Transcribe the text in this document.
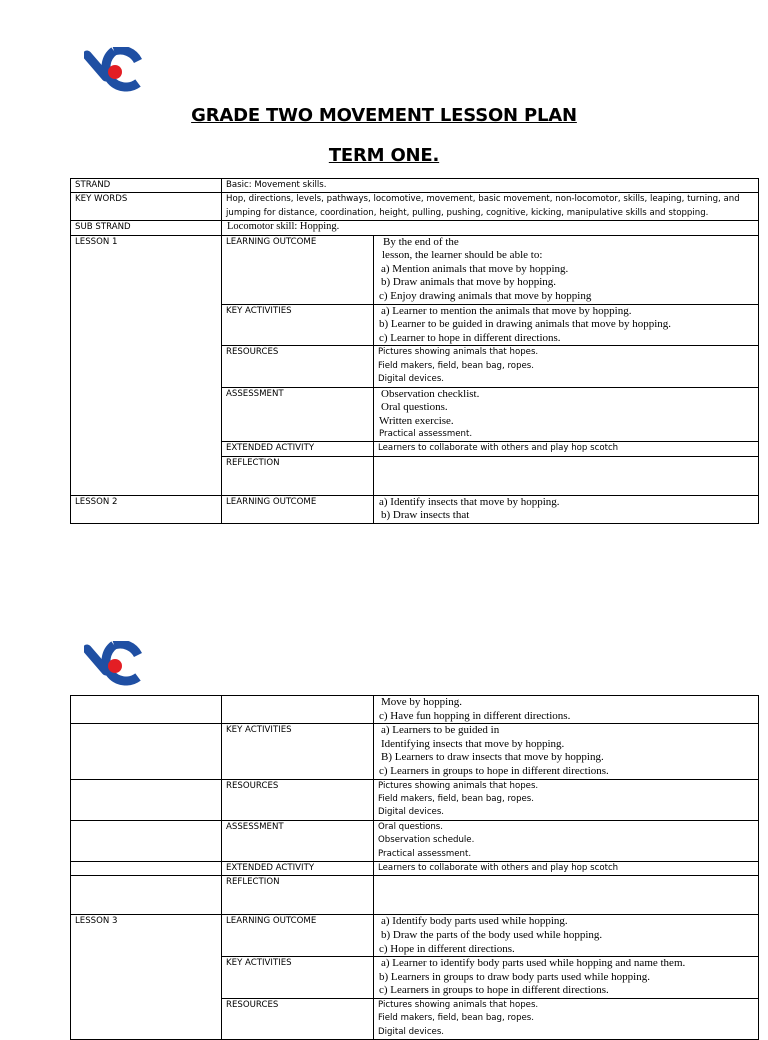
GRADE TWO MOVEMENT LESSON PLAN
TERM ONE.
STRAND	Basic: Movement skills.	
KEY WORDS	Hop, directions, levels, pathways, locomotive, movement, basic movement, non-locomotor, skills, leaping, turning, and
jumping for distance, coordination, height, pulling, pushing, cognitive, kicking, manipulative skills and stopping.	

SUB STRAND	Locomotor skill: Hopping.	
LESSON 1	LEARNING OUTCOME	By the end of the
lesson, the learner should be able to:
a) Mention animals that move by hopping.
b) Draw animals that move by hopping.
c) Enjoy drawing animals that move by hopping

	KEY ACTIVITIES	a) Learner to mention the animals that move by hopping.
b) Learner to be guided in drawing animals that move by hopping.
c) Learner to hope in different directions.

	RESOURCES	Pictures showing animals that hopes.
Field makers, field, bean bag, ropes.
Digital devices.

	ASSESSMENT	Observation checklist.
Oral questions.
Written exercise.
Practical assessment.

	EXTENDED ACTIVITY	Learners to collaborate with others and play hop scotch
	REFLECTION	
LESSON 2	LEARNING OUTCOME	a) Identify insects that move by hopping.
b) Draw insects that

		Move by hopping.
c) Have fun hopping in different directions.

	KEY ACTIVITIES	a) Learners to be guided in
Identifying insects that move by hopping.
B) Learners to draw insects that move by hopping.
c) Learners in groups to hope in different directions.

	RESOURCES	Pictures showing animals that hopes.
Field makers, field, bean bag, ropes.
Digital devices.

	ASSESSMENT	Oral questions.
Observation schedule.
Practical assessment.

	EXTENDED ACTIVITY	Learners to collaborate with others and play hop scotch
	REFLECTION	
LESSON 3	LEARNING OUTCOME	a) Identify body parts used while hopping.
b) Draw the parts of the body used while hopping.
c) Hope in different directions.

	KEY ACTIVITIES	a) Learner to identify body parts used while hopping and name them.
b) Learners in groups to draw body parts used while hopping.
c) Learners in groups to hope in different directions.

	RESOURCES	Pictures showing animals that hopes.
Field makers, field, bean bag, ropes.
Digital devices.
